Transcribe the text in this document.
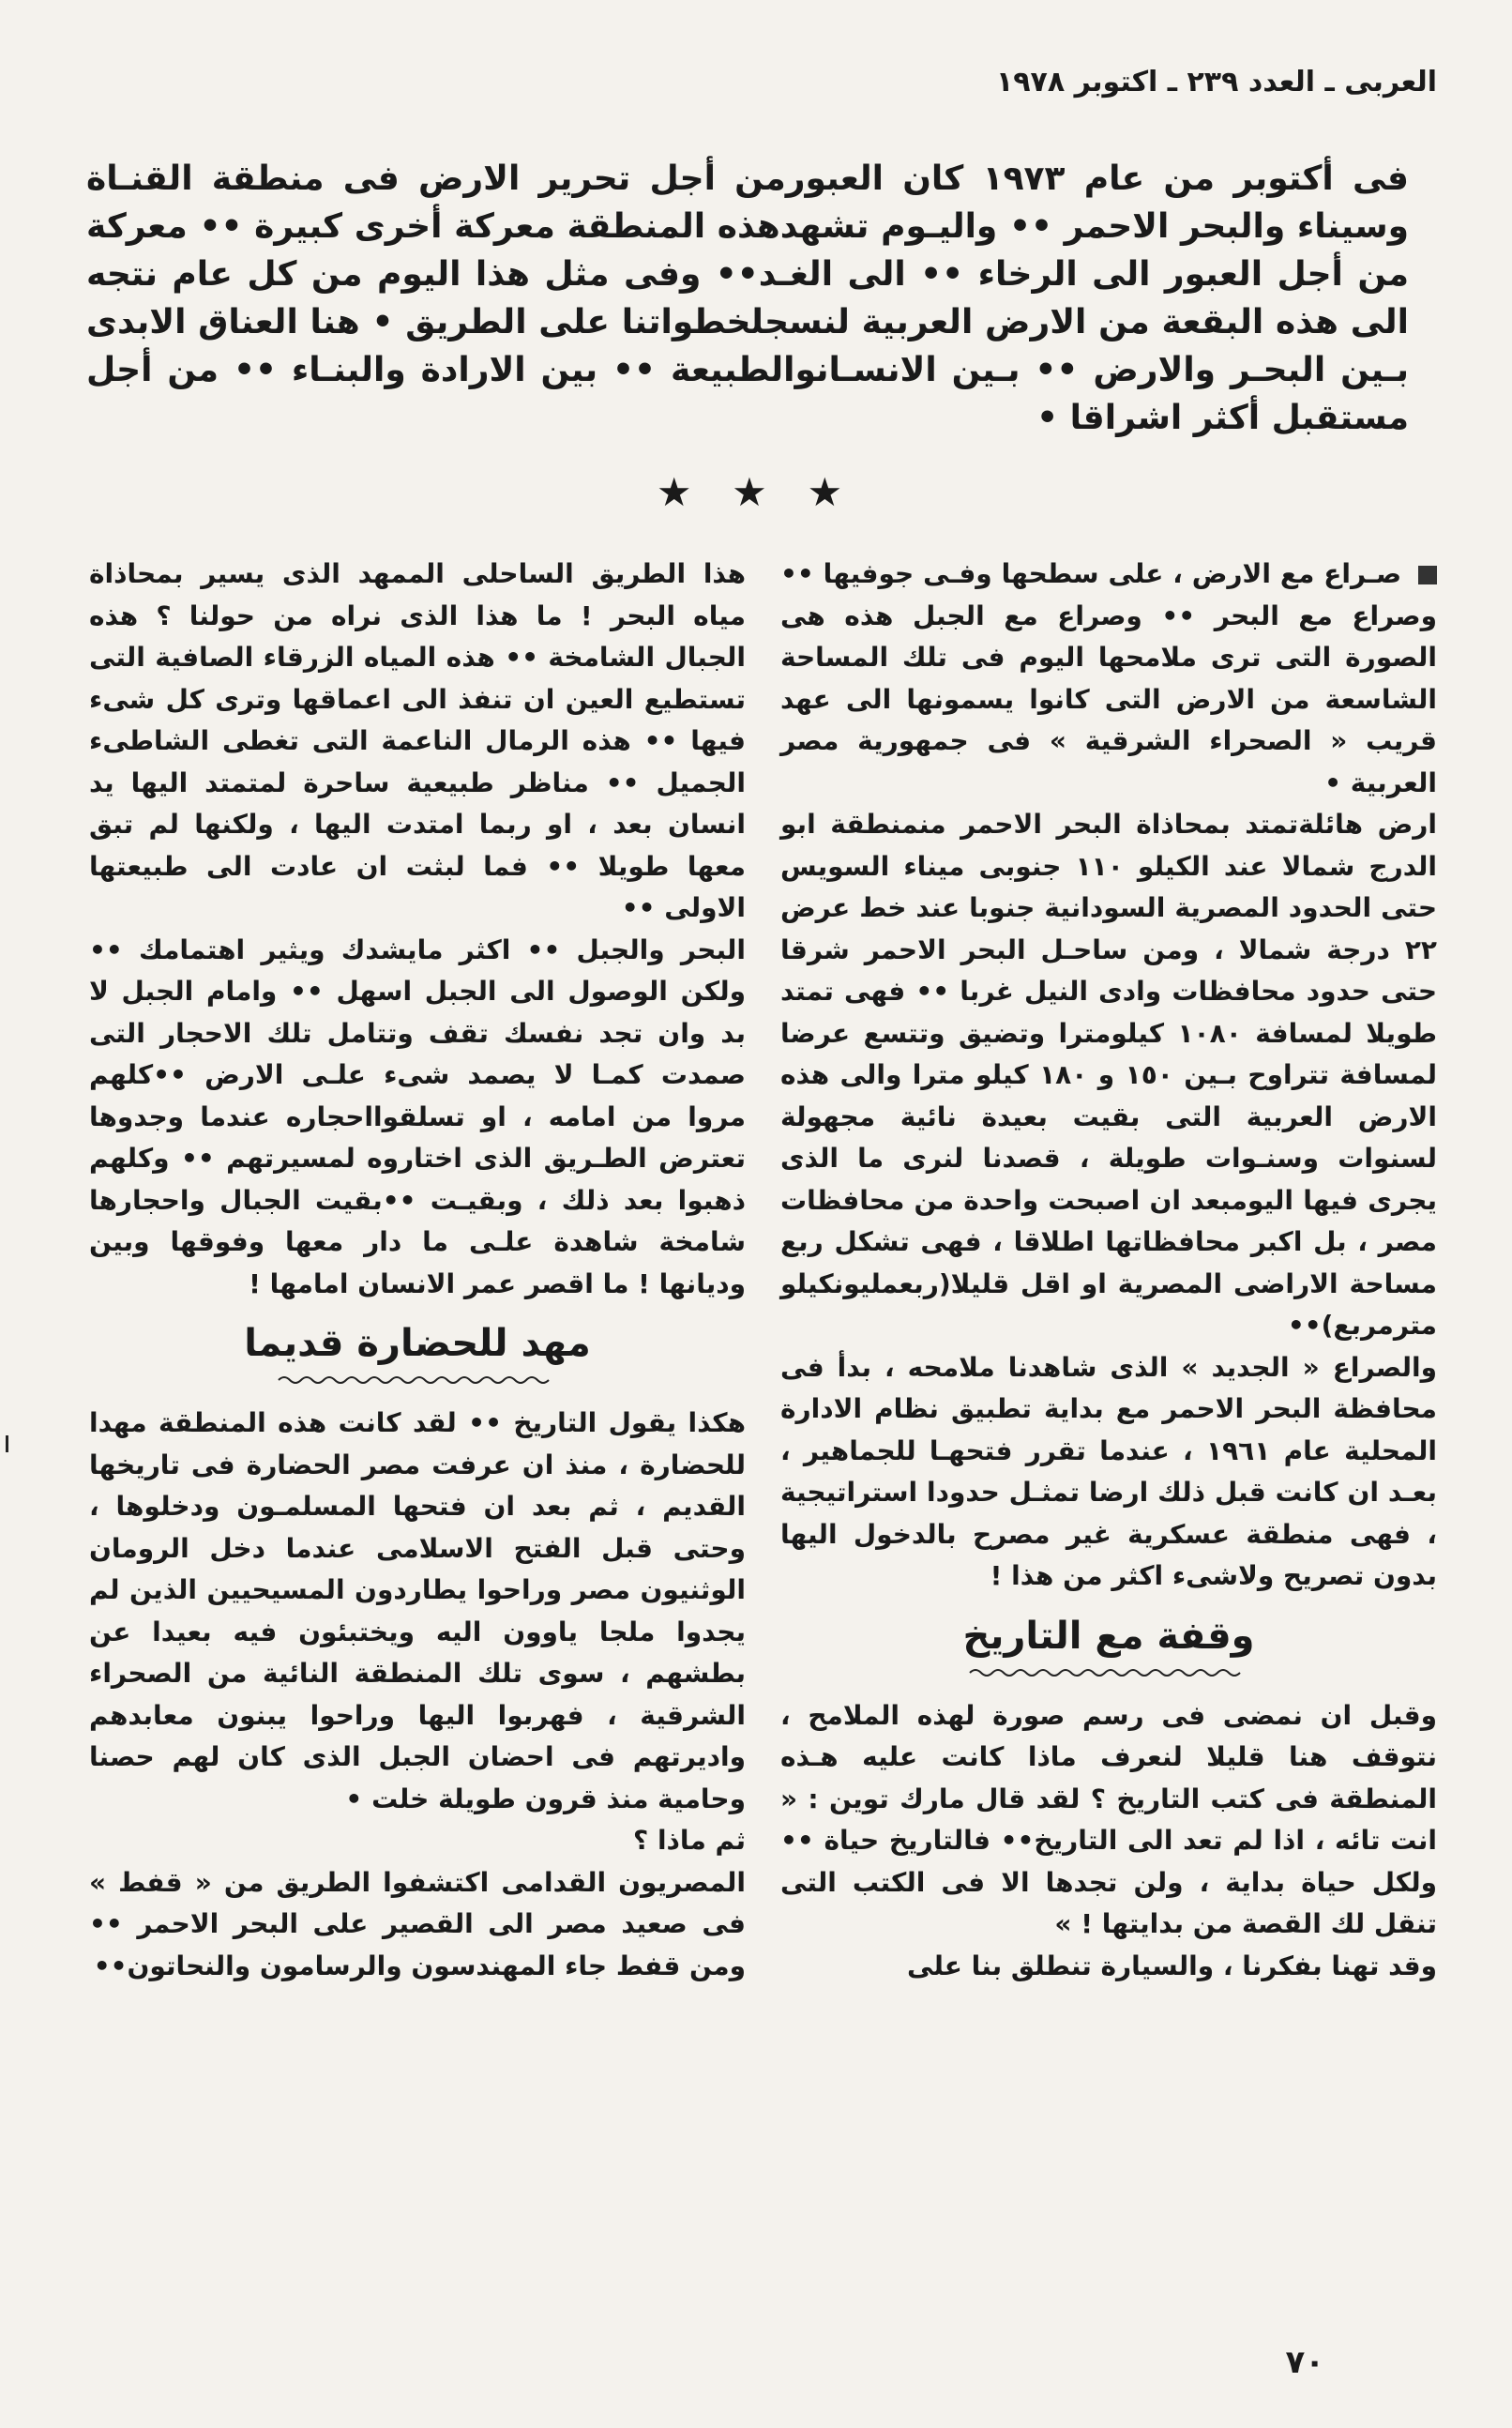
العربى ـ العدد ٢٣٩ ـ اكتوبر ١٩٧٨
فى أكتوبر من عام ١٩٧٣ كان العبورمن أجل تحرير الارض فى منطقة القنـاة وسيناء والبحر الاحمر •• واليـوم تشهدهذه المنطقة معركة أخرى كبيرة •• معركة من أجل العبور الى الرخاء •• الى الغـد•• وفى مثل هذا اليوم من كل عام نتجه الى هذه البقعة من الارض العربية لنسجلخطواتنا على الطريق • هنا العناق الابدى بـين البحـر والارض •• بـين الانسـانوالطبيعة •• بين الارادة والبنـاء •• من أجل مستقبل أكثر اشراقا •
★ ★ ★

صـراع مع الارض ، على سطحها وفـى جوفيها •• وصراع مع البحر •• وصراع مع الجبل هذه هى الصورة التى ترى ملامحها اليوم فى تلك المساحة الشاسعة من الارض التى كانوا يسمونها الى عهد قريب « الصحراء الشرقية » فى جمهورية مصر العربية •

ارض هائلةتمتد بمحاذاة البحر الاحمر منمنطقة ابو الدرج شمالا عند الكيلو ١١٠ جنوبى ميناء السويس حتى الحدود المصرية السودانية جنوبا عند خط عرض ٢٢ درجة شمالا ، ومن ساحـل البحر الاحمر شرقا حتى حدود محافظات وادى النيل غربا •• فهى تمتد طويلا لمسافة ١٠٨٠ كيلومترا وتضيق وتتسع عرضا لمسافة تتراوح بـين ١٥٠ و ١٨٠ كيلو مترا والى هذه الارض العربية التى بقيت بعيدة نائية مجهولة لسنوات وسنـوات طويلة ، قصدنا لنرى ما الذى يجرى فيها اليومبعد ان اصبحت واحدة من محافظات مصر ، بل اكبر محافظاتها اطلاقا ، فهى تشكل ربع مساحة الاراضى المصرية او اقل قليلا(ربعمليونكيلو مترمربع)••

والصراع « الجديد » الذى شاهدنا ملامحه ، بدأ فى محافظة البحر الاحمر مع بداية تطبيق نظام الادارة المحلية عام ١٩٦١ ، عندما تقرر فتحهـا للجماهير ، بعـد ان كانت قبل ذلك ارضا تمثـل حدودا استراتيجية ، فهى منطقة عسكرية غير مصرح بالدخول اليها بدون تصريح ولاشىء اكثر من هذا !

وقفة مع التاريخ

وقبل ان نمضى فى رسم صورة لهذه الملامح ، نتوقف هنا قليلا لنعرف ماذا كانت عليه هـذه المنطقة فى كتب التاريخ ؟ لقد قال مارك توين : « انت تائه ، اذا لم تعد الى التاريخ•• فالتاريخ حياة •• ولكل حياة بداية ، ولن تجدها الا فى الكتب التى تنقل لك القصة من بدايتها ! »

وقد تهنا بفكرنا ، والسيارة تنطلق بنا على

هذا الطريق الساحلى الممهد الذى يسير بمحاذاة مياه البحر ! ما هذا الذى نراه من حولنا ؟ هذه الجبال الشامخة •• هذه المياه الزرقاء الصافية التى تستطيع العين ان تنفذ الى اعماقها وترى كل شىء فيها •• هذه الرمال الناعمة التى تغطى الشاطىء الجميل •• مناظر طبيعية ساحرة لمتمتد اليها يد انسان بعد ، او ربما امتدت اليها ، ولكنها لم تبق معها طويلا •• فما لبثت ان عادت الى طبيعتها الاولى ••

البحر والجبل •• اكثر مايشدك ويثير اهتمامك •• ولكن الوصول الى الجبل اسهل •• وامام الجبل لا بد وان تجد نفسك تقف وتتامل تلك الاحجار التى صمدت كمـا لا يصمد شىء علـى الارض ••كلهم مروا من امامه ، او تسلقوااحجاره عندما وجدوها تعترض الطـريق الذى اختاروه لمسيرتهم •• وكلهم ذهبوا بعد ذلك ، وبقيـت ••بقيت الجبال واحجارها شامخة شاهدة علـى ما دار معها وفوقها وبين وديانها ! ما اقصر عمر الانسان امامها !

مهد للحضارة قديما

هكذا يقول التاريخ •• لقد كانت هذه المنطقة مهدا للحضارة ، منذ ان عرفت مصر الحضارة فى تاريخها القديم ، ثم بعد ان فتحها المسلمـون ودخلوها ، وحتى قبل الفتح الاسلامى عندما دخل الرومان الوثنيون مصر وراحوا يطاردون المسيحيين الذين لم يجدوا ملجا ياوون اليه ويختبئون فيه بعيدا عن بطشهم ، سوى تلك المنطقة النائية من الصحراء الشرقية ، فهربوا اليها وراحوا يبنون معابدهم واديرتهم فى احضان الجبل الذى كان لهم حصنا وحامية منذ قرون طويلة خلت •

ثم ماذا ؟

المصريون القدامى اكتشفوا الطريق من « قفط » فى صعيد مصر الى القصير على البحر الاحمر •• ومن قفط جاء المهندسون والرسامون والنحاتون••

٧٠
